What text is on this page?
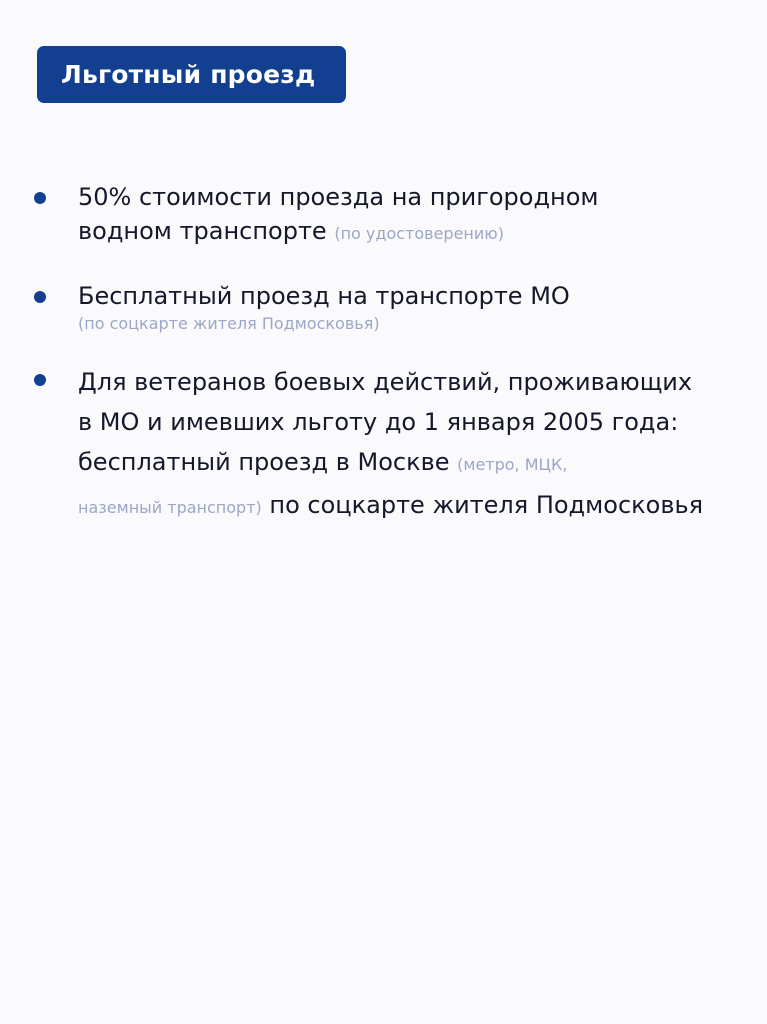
Льготный проезд
50% стоимости проезда на пригородном
водном транспорте (по удостоверению)
Бесплатный проезд на транспорте МО
(по соцкарте жителя Подмосковья)
Для ветеранов боевых действий, проживающих
в МО и имевших льготу до 1 января 2005 года:
бесплатный проезд в Москве (метро, МЦК,
наземный транспорт) по соцкарте жителя Подмосковья
